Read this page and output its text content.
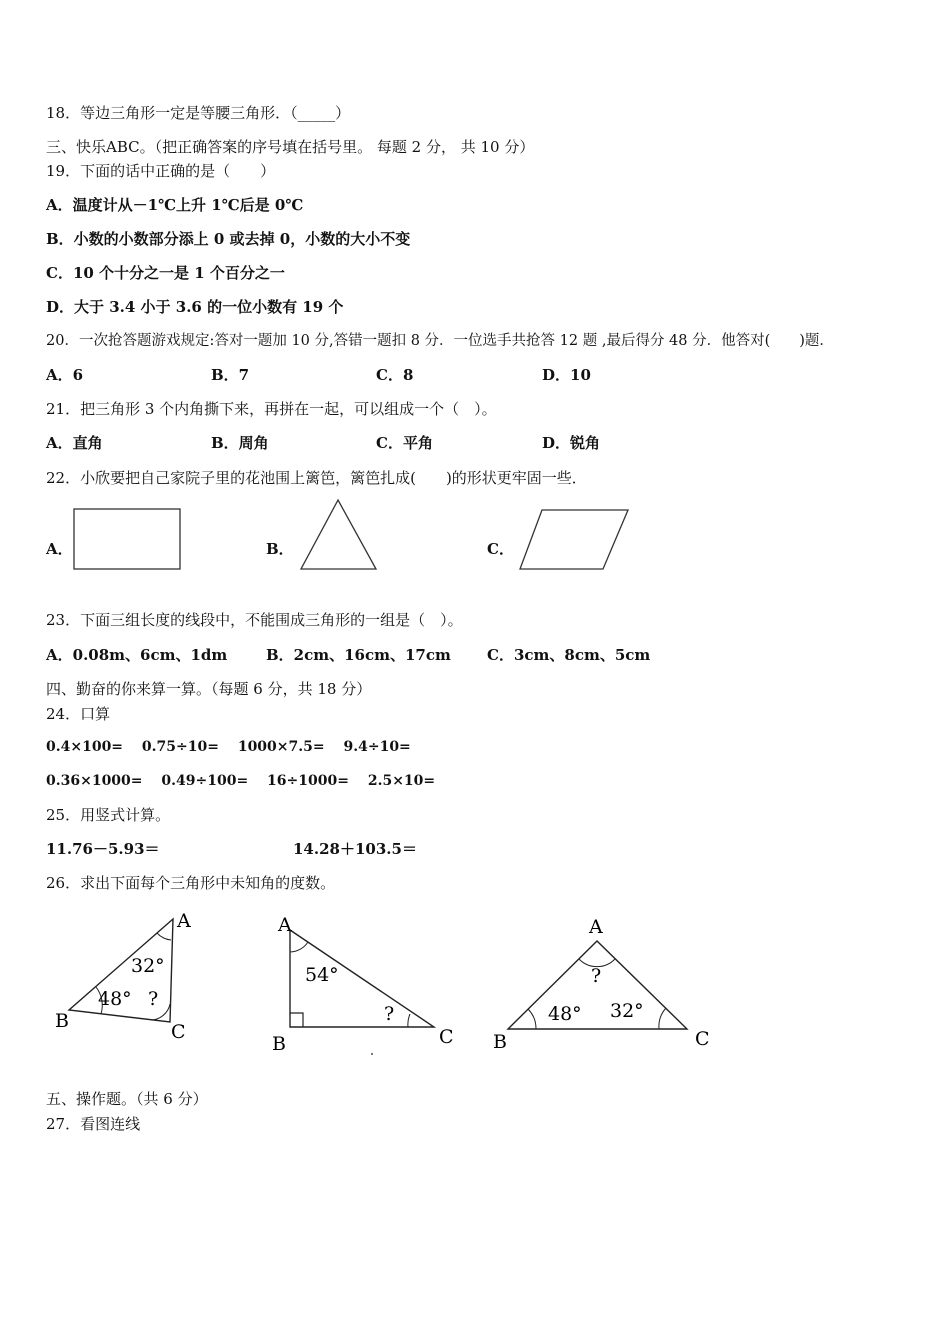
18．等边三角形一定是等腰三角形．（_____）
三、快乐ABC。（把正确答案的序号填在括号里。 每题 2 分， 共 10 分）
19．下面的话中正确的是（　　）
A．温度计从－1℃上升 1℃后是 0℃
B．小数的小数部分添上 0 或去掉 0，小数的大小不变
C．10 个十分之一是 1 个百分之一
D．大于 3.4 小于 3.6 的一位小数有 19 个
20．一次抢答题游戏规定:答对一题加 10 分,答错一题扣 8 分．一位选手共抢答 12 题 ,最后得分 48 分．他答对(　　)题．
A．6	B．7	C．8	D．10
21．把三角形 3 个内角撕下来，再拼在一起，可以组成一个（　）。
A．直角	B．周角	C．平角	D．锐角
22．小欣要把自己家院子里的花池围上篱笆，篱笆扎成(　　)的形状更牢固一些．
A．	B．	C．
23．下面三组长度的线段中，不能围成三角形的一组是（　）。
A．0.08m、6cm、1dm	B．2cm、16cm、17cm C．3cm、8cm、5cm
四、勤奋的你来算一算。（每题 6 分，共 18 分）
24．口算
0.4×100=　 0.75÷10=　 1000×7.5=　 9.4÷10=
0.36×1000=　 0.49÷100=　 16÷1000=　 2.5×10=
25．用竖式计算。
11.76－5.93＝	14.28＋103.5＝
26．求出下面每个三角形中未知角的度数。
A
B	C
32°
48° ?
A
B	C
54°
?
A
B	C
?
48° 32°
五、操作题。（共 6 分）
27．看图连线
